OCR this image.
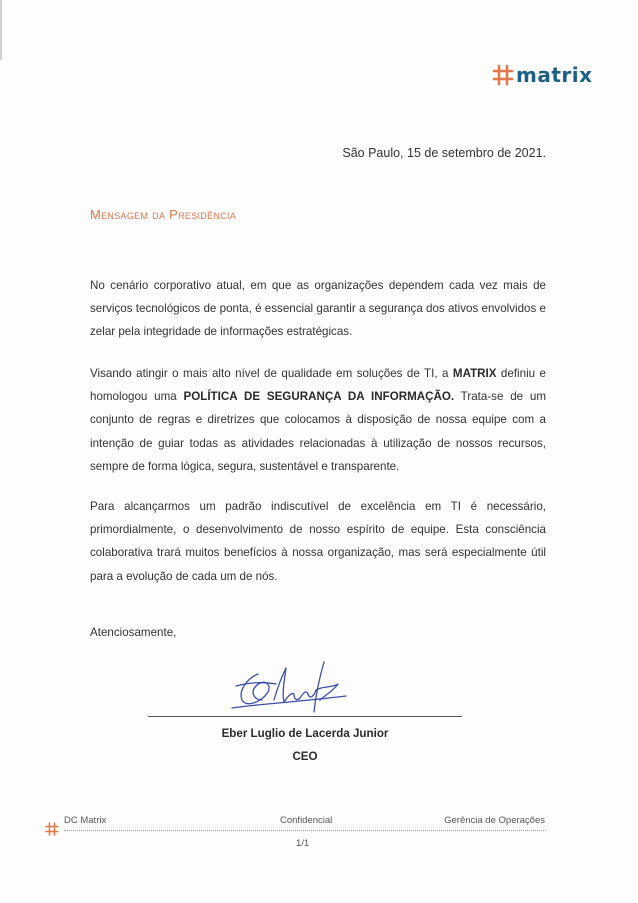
matrix
São Paulo, 15 de setembro de 2021.
Mensagem da Presidência
No cenário corporativo atual, em que as organizações dependem cada vez mais de serviços tecnológicos de ponta, é essencial garantir a segurança dos ativos envolvidos e zelar pela integridade de informações estratégicas.
Visando atingir o mais alto nível de qualidade em soluções de TI, a MATRIX definiu e homologou uma POLÍTICA DE SEGURANÇA DA INFORMAÇÃO. Trata-se de um conjunto de regras e diretrizes que colocamos à disposição de nossa equipe com a intenção de guiar todas as atividades relacionadas à utilização de nossos recursos, sempre de forma lógica, segura, sustentável e transparente.
Para alcançarmos um padrão indiscutível de excelência em TI é necessário, primordialmente, o desenvolvimento de nosso espírito de equipe. Esta consciência colaborativa trará muitos benefícios à nossa organização, mas será especialmente útil para a evolução de cada um de nós.
Atenciosamente,
Eber Luglio de Lacerda Junior
CEO
DC Matrix	Confidencial	Gerência de Operações
1/1
